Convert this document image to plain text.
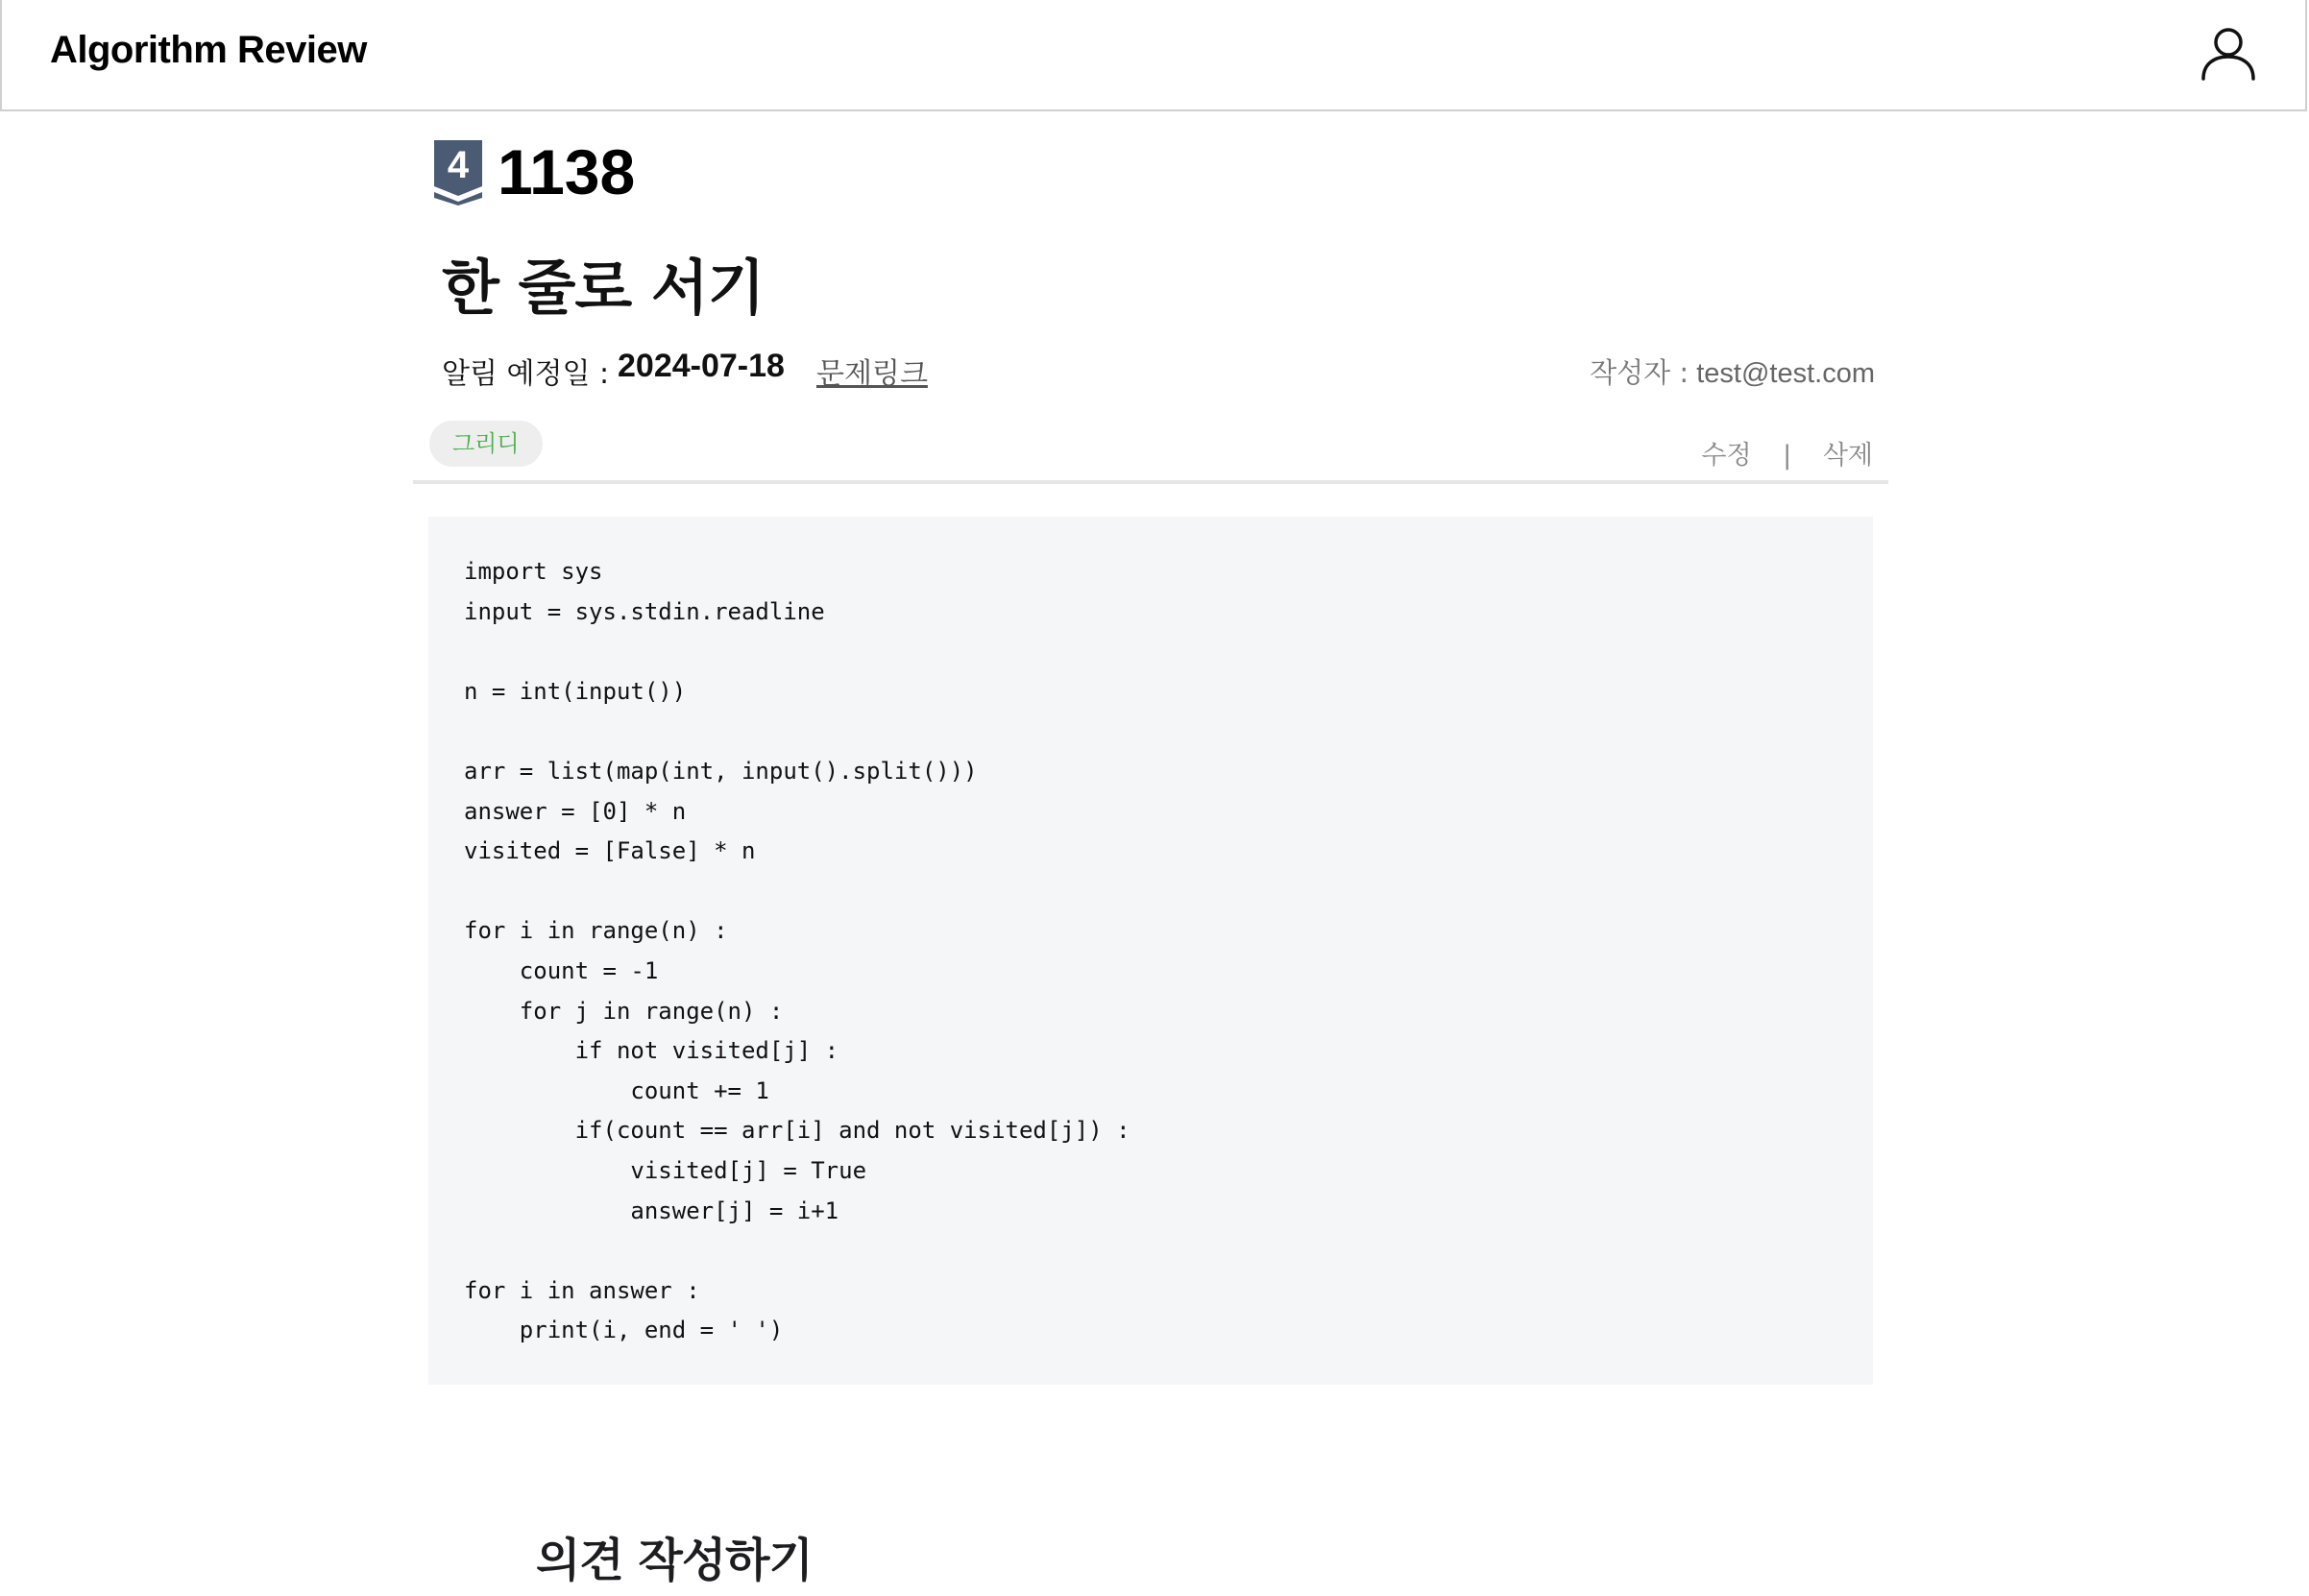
Algorithm Review
4 1138
한 줄로 서기
알림 예정일 : 2024-07-18 문제링크	작성자 : test@test.com
그리디	수정 | 삭제
import sys
input = sys.stdin.readline

n = int(input())

arr = list(map(int, input().split()))
answer = [0] * n
visited = [False] * n

for i in range(n) :
count = -1
for j in range(n) :
if not visited[j] :
count += 1
if(count == arr[i] and not visited[j]) :
visited[j] = True
answer[j] = i+1

for i in answer :
print(i, end = ' ')
의견 작성하기
